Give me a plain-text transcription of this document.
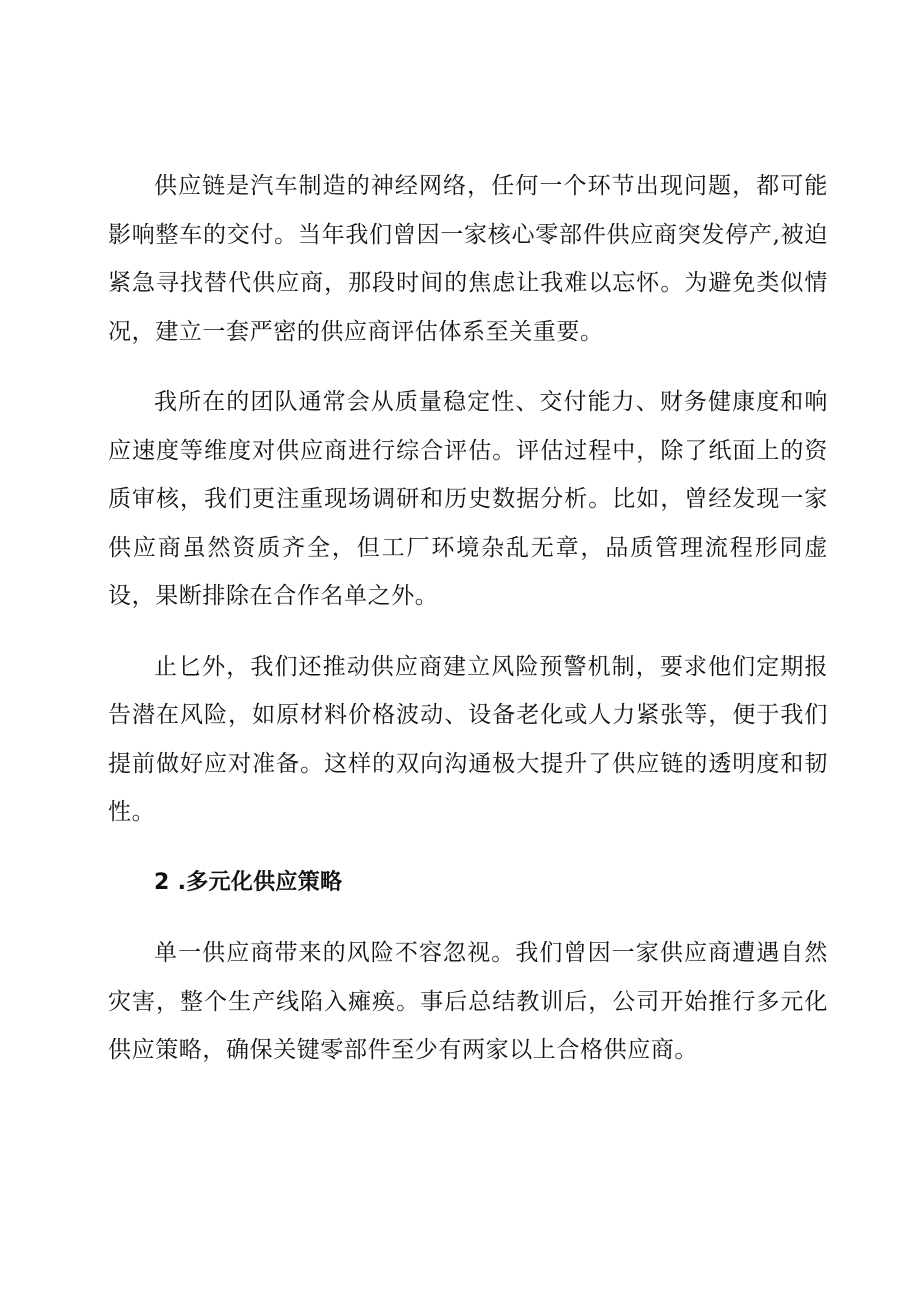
供应链是汽车制造的神经网络，任何一个环节出现问题，都可能影响整车的交付。当年我们曾因一家核心零部件供应商突发停产,被迫紧急寻找替代供应商，那段时间的焦虑让我难以忘怀。为避免类似情况，建立一套严密的供应商评估体系至关重要。

我所在的团队通常会从质量稳定性、交付能力、财务健康度和响应速度等维度对供应商进行综合评估。评估过程中，除了纸面上的资质审核，我们更注重现场调研和历史数据分析。比如，曾经发现一家供应商虽然资质齐全，但工厂环境杂乱无章，品质管理流程形同虚设，果断排除在合作名单之外。

止匕外，我们还推动供应商建立风险预警机制，要求他们定期报告潜在风险，如原材料价格波动、设备老化或人力紧张等，便于我们提前做好应对准备。这样的双向沟通极大提升了供应链的透明度和韧性。

2 .多元化供应策略

单一供应商带来的风险不容忽视。我们曾因一家供应商遭遇自然灾害，整个生产线陷入瘫痪。事后总结教训后，公司开始推行多元化供应策略，确保关键零部件至少有两家以上合格供应商。
